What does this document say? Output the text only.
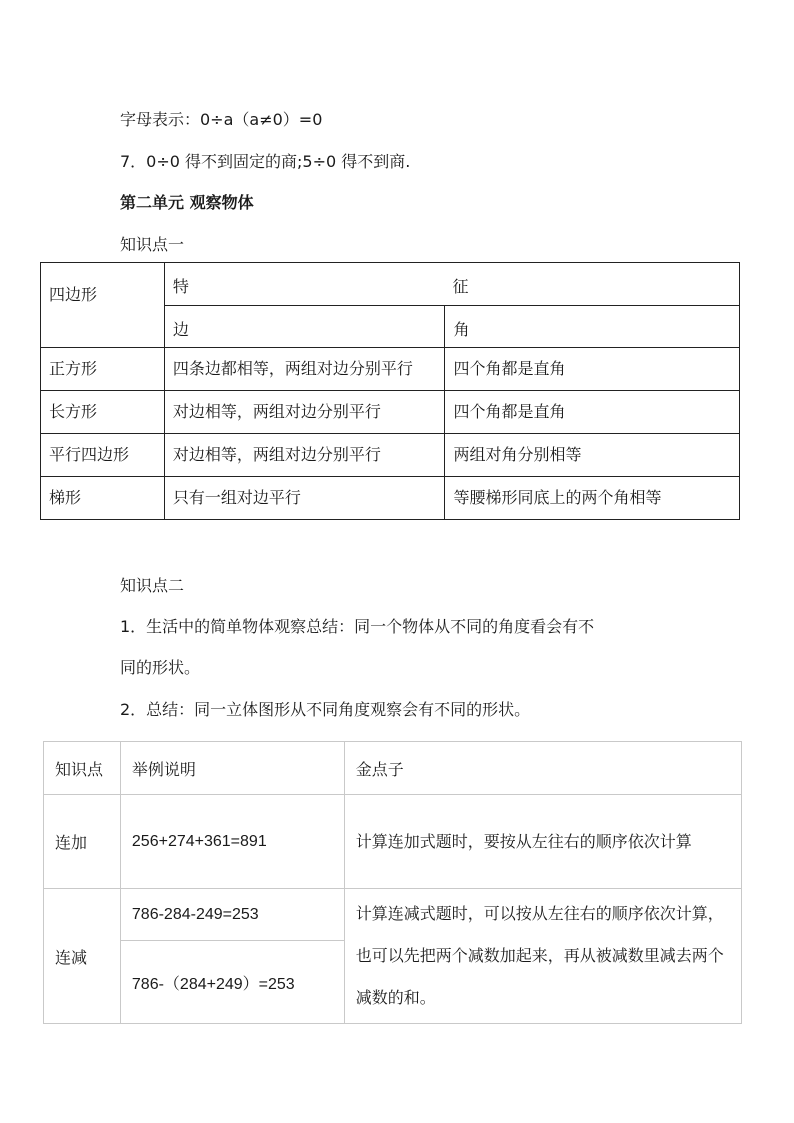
字母表示：0÷a（a≠0）=0
7．0÷0 得不到固定的商;5÷0 得不到商.
第二单元 观察物体
知识点一
四边形	特 征	

	边	角
正方形	四条边都相等，两组对边分别平行	四个角都是直角
长方形	对边相等，两组对边分别平行	四个角都是直角
平行四边形	对边相等，两组对边分别平行	两组对角分别相等
梯形	只有一组对边平行	等腰梯形同底上的两个角相等
知识点二
1．生活中的简单物体观察总结：同一个物体从不同的角度看会有不
同的形状。
2．总结：同一立体图形从不同角度观察会有不同的形状。
知识点	举例说明	金点子
连加	256+274+361=891	计算连加式题时，要按从左往右的顺序依次计算
连减	786-284-249=253	计算连减式题时，可以按从左往右的顺序依次计算，也可以先把两个减数加起来，再从被减数里减去两个减数的和。
	786-（284+249）=253	
